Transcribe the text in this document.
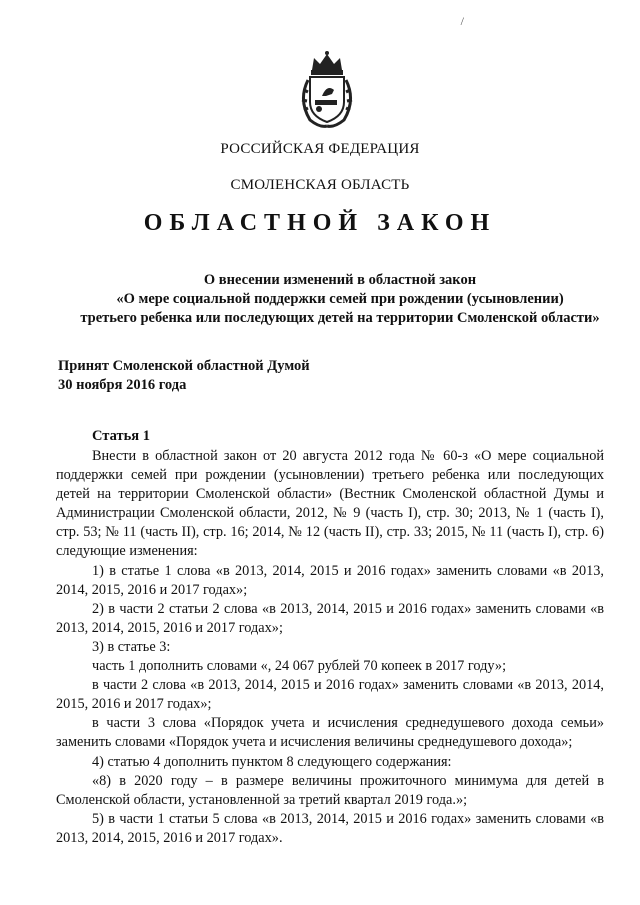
/
РОССИЙСКАЯ ФЕДЕРАЦИЯ
СМОЛЕНСКАЯ ОБЛАСТЬ
ОБЛАСТНОЙ ЗАКОН
О внесении изменений в областной закон
«О мере социальной поддержки семей при рождении (усыновлении)
третьего ребенка или последующих детей на территории Смоленской области»
Принят Смоленской областной Думой
30 ноября 2016 года
Статья 1

Внести в областной закон от 20 августа 2012 года № 60-з «О мере социальной поддержки семей при рождении (усыновлении) третьего ребенка или последующих детей на территории Смоленской области» (Вестник Смоленской областной Думы и Администрации Смоленской области, 2012, № 9 (часть I), стр. 30; 2013, № 1 (часть I), стр. 53; № 11 (часть II), стр. 16; 2014, № 12 (часть II), стр. 33; 2015, № 11 (часть I), стр. 6) следующие изменения:

1) в статье 1 слова «в 2013, 2014, 2015 и 2016 годах» заменить словами «в 2013, 2014, 2015, 2016 и 2017 годах»;

2) в части 2 статьи 2 слова «в 2013, 2014, 2015 и 2016 годах» заменить словами «в 2013, 2014, 2015, 2016 и 2017 годах»;

3) в статье 3:

часть 1 дополнить словами «, 24 067 рублей 70 копеек в 2017 году»;

в части 2 слова «в 2013, 2014, 2015 и 2016 годах» заменить словами «в 2013, 2014, 2015, 2016 и 2017 годах»;

в части 3 слова «Порядок учета и исчисления среднедушевого дохода семьи» заменить словами «Порядок учета и исчисления величины среднедушевого дохода»;

4) статью 4 дополнить пунктом 8 следующего содержания:

«8) в 2020 году – в размере величины прожиточного минимума для детей в Смоленской области, установленной за третий квартал 2019 года.»;

5) в части 1 статьи 5 слова «в 2013, 2014, 2015 и 2016 годах» заменить словами «в 2013, 2014, 2015, 2016 и 2017 годах».
